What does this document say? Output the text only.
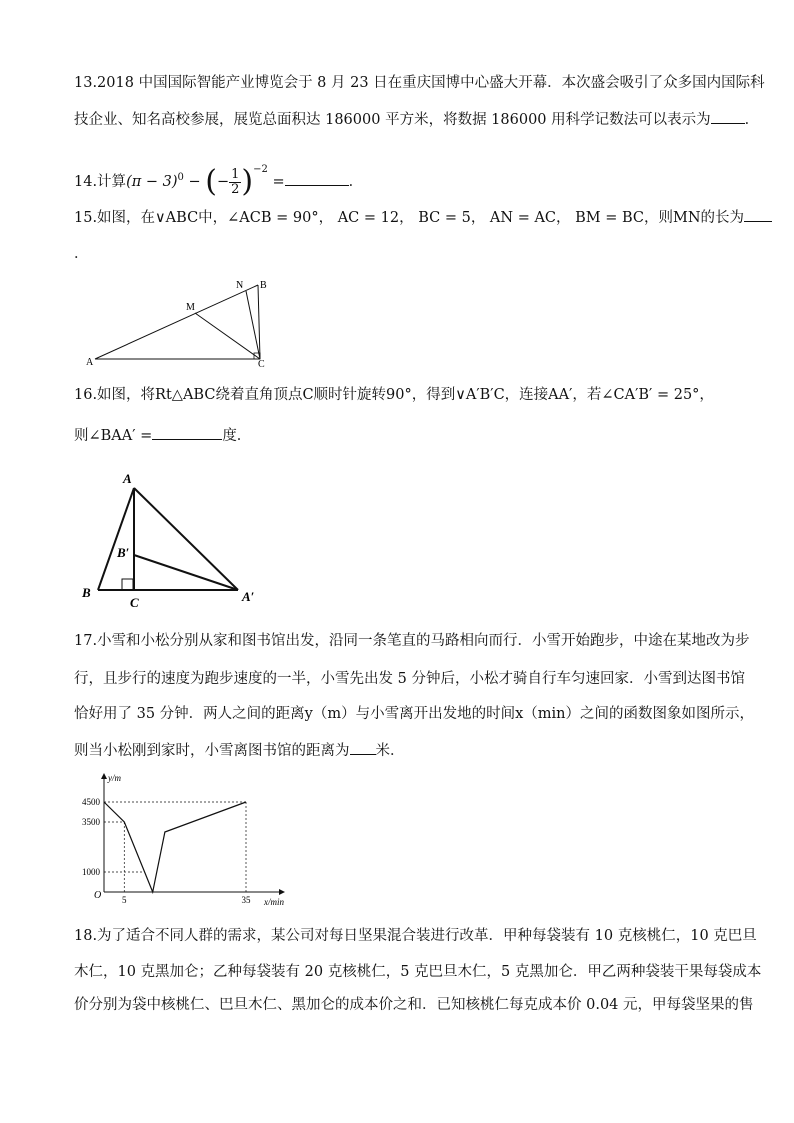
13.2018 中国国际智能产业博览会于 8 月 23 日在重庆国博中心盛大开幕．本次盛会吸引了众多国内国际科
技企业、知名高校参展，展览总面积达 186000 平方米，将数据 186000 用科学记数法可以表示为 ．
14.计算$(\pi - 3)^0$ − (− $\frac{1}{2} )^{-2}$ =	．
15.如图，在∨ABC中，∠ACB = 90°， AC = 12， BC = 5， AN = AC， BM = BC，则MN的长为
．
A
M
N B
C
16.如图，将Rt△ABC绕着直角顶点C顺时针旋转90°，得到∨A′B′C，连接AA′，若∠CA′B′ = 25°，
则∠BAA′ =	度．
A
B′
B
C	A′
17.小雪和小松分别从家和图书馆出发，沿同一条笔直的马路相向而行．小雪开始跑步，中途在某地改为步
行，且步行的速度为跑步速度的一半，小雪先出发 5 分钟后，小松才骑自行车匀速回家．小雪到达图书馆
恰好用了 35 分钟．两人之间的距离y（m）与小雪离开出发地的时间x（min）之间的函数图象如图所示，
则当小松刚到家时，小雪离图书馆的距离为 米．
y/m
x/min
O
4500
3500
1000
5	35
18.为了适合不同人群的需求，某公司对每日坚果混合装进行改革．甲种每袋装有 10 克核桃仁，10 克巴旦
木仁，10 克黑加仑；乙种每袋装有 20 克核桃仁，5 克巴旦木仁，5 克黑加仑．甲乙两种袋装干果每袋成本
价分别为袋中核桃仁、巴旦木仁、黑加仑的成本价之和．已知核桃仁每克成本价 0.04 元，甲每袋坚果的售
